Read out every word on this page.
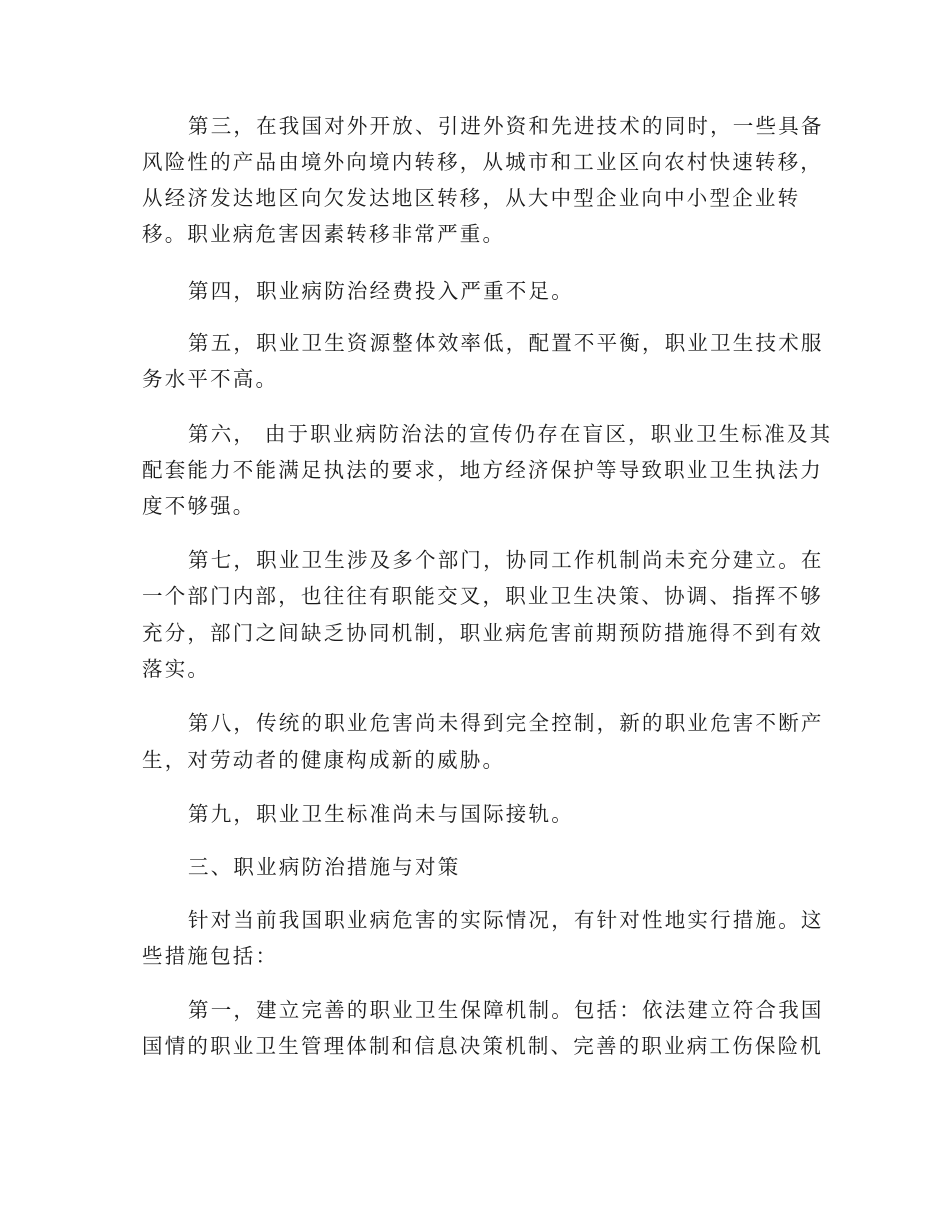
第三，在我国对外开放、引进外资和先进技术的同时，一些具备
风险性的产品由境外向境内转移，从城市和工业区向农村快速转移，
从经济发达地区向欠发达地区转移，从大中型企业向中小型企业转
移。职业病危害因素转移非常严重。
第四，职业病防治经费投入严重不足。
第五，职业卫生资源整体效率低，配置不平衡，职业卫生技术服
务水平不高。
第六， 由于职业病防治法的宣传仍存在盲区，职业卫生标准及其
配套能力不能满足执法的要求，地方经济保护等导致职业卫生执法力
度不够强。
第七，职业卫生涉及多个部门，协同工作机制尚未充分建立。在
一个部门内部，也往往有职能交叉，职业卫生决策、协调、指挥不够
充分，部门之间缺乏协同机制，职业病危害前期预防措施得不到有效
落实。
第八，传统的职业危害尚未得到完全控制，新的职业危害不断产
生，对劳动者的健康构成新的威胁。
第九，职业卫生标准尚未与国际接轨。
三、职业病防治措施与对策
针对当前我国职业病危害的实际情况，有针对性地实行措施。这
些措施包括：
第一，建立完善的职业卫生保障机制。包括：依法建立符合我国
国情的职业卫生管理体制和信息决策机制、完善的职业病工伤保险机
